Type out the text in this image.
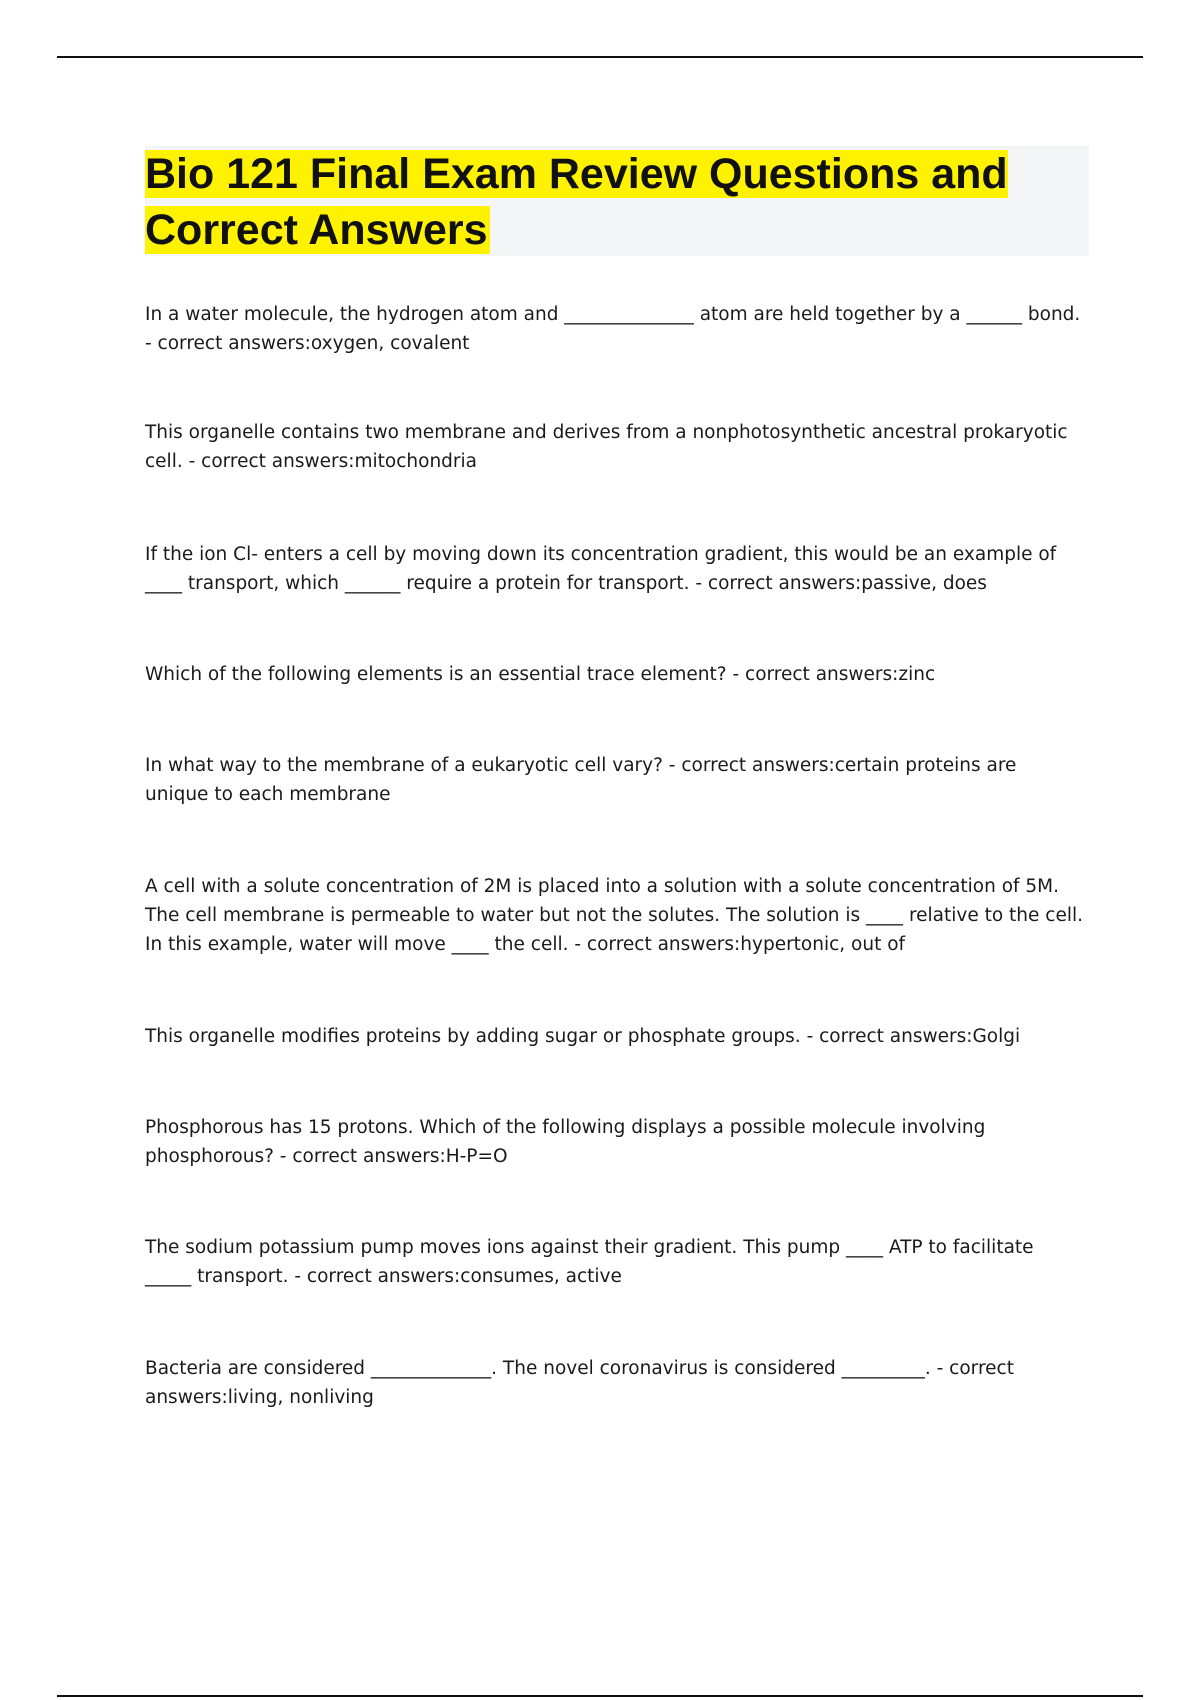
Bio 121 Final Exam Review Questions and Correct Answers

In a water molecule, the hydrogen atom and ______________ atom are held together by a ______ bond. - correct answers:oxygen, covalent

This organelle contains two membrane and derives from a nonphotosynthetic ancestral prokaryotic cell. - correct answers:mitochondria

If the ion Cl- enters a cell by moving down its concentration gradient, this would be an example of ____ transport, which ______ require a protein for transport. - correct answers:passive, does

Which of the following elements is an essential trace element? - correct answers:zinc

In what way to the membrane of a eukaryotic cell vary? - correct answers:certain proteins are unique to each membrane

A cell with a solute concentration of 2M is placed into a solution with a solute concentration of 5M. The cell membrane is permeable to water but not the solutes. The solution is ____ relative to the cell. In this example, water will move ____ the cell. - correct answers:hypertonic, out of

This organelle modifies proteins by adding sugar or phosphate groups. - correct answers:Golgi

Phosphorous has 15 protons. Which of the following displays a possible molecule involving phosphorous? - correct answers:H-P=O

The sodium potassium pump moves ions against their gradient. This pump ____ ATP to facilitate _____ transport. - correct answers:consumes, active

Bacteria are considered _____________. The novel coronavirus is considered _________. - correct answers:living, nonliving
